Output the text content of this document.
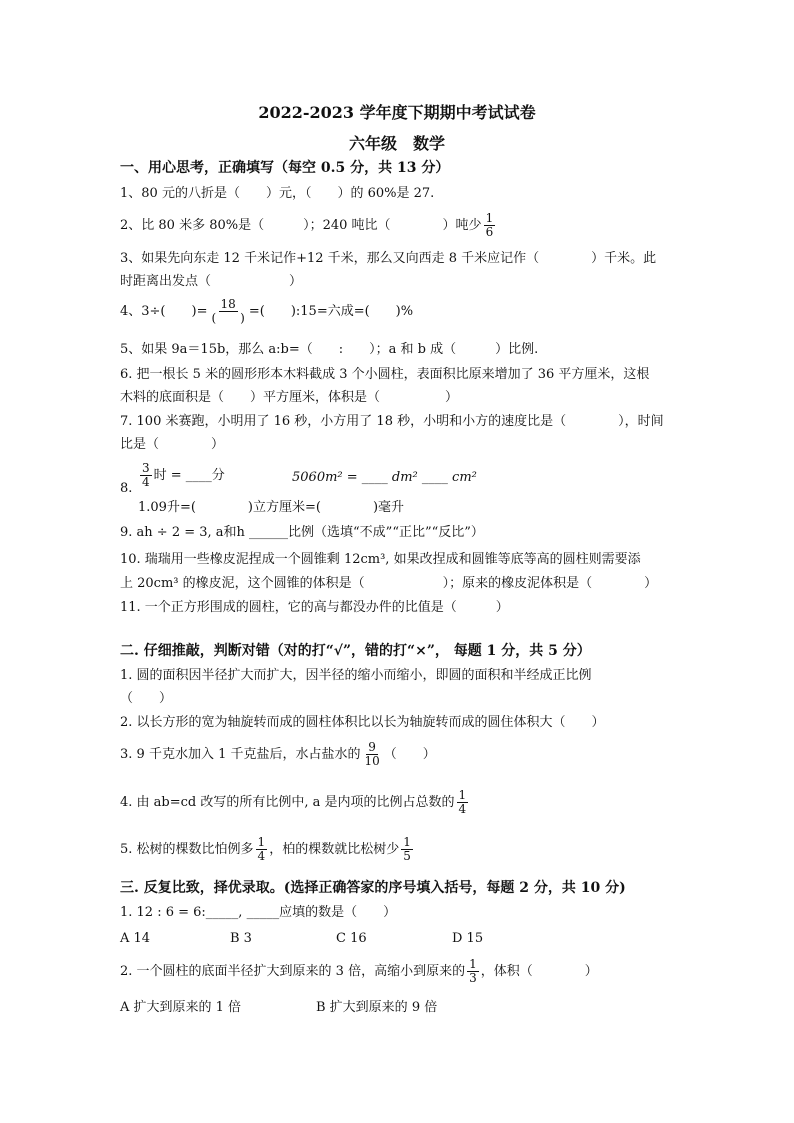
2022-2023 学年度下期期中考试试卷
六年级　数学
一、用心思考，正确填写（每空 0.5 分，共 13 分）
1、80 元的八折是（　　）元，（　　）的 60%是 27.
2、比 80 米多 80%是（　　　）；240 吨比（　　　　）吨少 $\frac{1}{6}$
3、如果先向东走 12 千米记作+12 千米，那么又向西走 8 千米应记作（　　　　）千米。此
时距离出发点（　　　　　　）
4、3÷(　　)= $\frac{18}{( )}$ =(　　):15=六成=(　　)%
5、如果 9a＝15b，那么 a:b=（　　:　　）；a 和 b 成（　　　）比例.
6. 把一根长 5 米的圆形形本木料截成 3 个小圆柱，表面积比原来增加了 36 平方厘米，这根
木料的底面积是（　　）平方厘米，体积是（　　　　　）
7. 100 米赛跑，小明用了 16 秒，小方用了 18 秒，小明和小方的速度比是（　　　　），时间
比是（　　　　）
8. $\frac{3}{4}$ 时 = ____分	5060m² = ____ dm² ____ cm²
1.09升=(　　　　)立方厘米=(　　　　)毫升
9. ah ÷ 2 = 3, a和h ______比例（选填“不成”“正比”“反比”）
10. 瑞瑞用一些橡皮泥捏成一个圆锥剩 12cm³, 如果改捏成和圆锥等底等高的圆柱则需要添
上 20cm³ 的橡皮泥，这个圆锥的体积是（　　　　　　）；原来的橡皮泥体积是（　　　　）
11. 一个正方形围成的圆柱，它的高与都没办件的比值是（　　　）
二. 仔细推敲，判断对错（对的打“√”，错的打“×”， 每题 1 分，共 5 分）
1. 圆的面积因半径扩大而扩大，因半径的缩小而缩小，即圆的面积和半经成正比例
（　　）
2. 以长方形的宽为轴旋转而成的圆柱体积比以长为轴旋转而成的圆住体积大（　　）
3. 9 千克水加入 1 千克盐后，水占盐水的 $\frac{9}{10}$ （　　）
4. 由 ab=cd 改写的所有比例中, a 是内项的比例占总数的 $\frac{1}{4}$
5. 松树的棵数比怕例多 $\frac{1}{4}$ ，柏的棵数就比松树少 $\frac{1}{5}$
三. 反复比致，择优录取。(选择正确答家的序号填入括号，每题 2 分，共 10 分)
1. 12 : 6 = 6:_____, _____应填的数是（　　）
A 14	B 3	C 16	D 15
2. 一个圆柱的底面半径扩大到原来的 3 倍，高缩小到原来的 $\frac{1}{3}$ ，体积（　　　　）
A 扩大到原来的 1 倍	B 扩大到原来的 9 倍
